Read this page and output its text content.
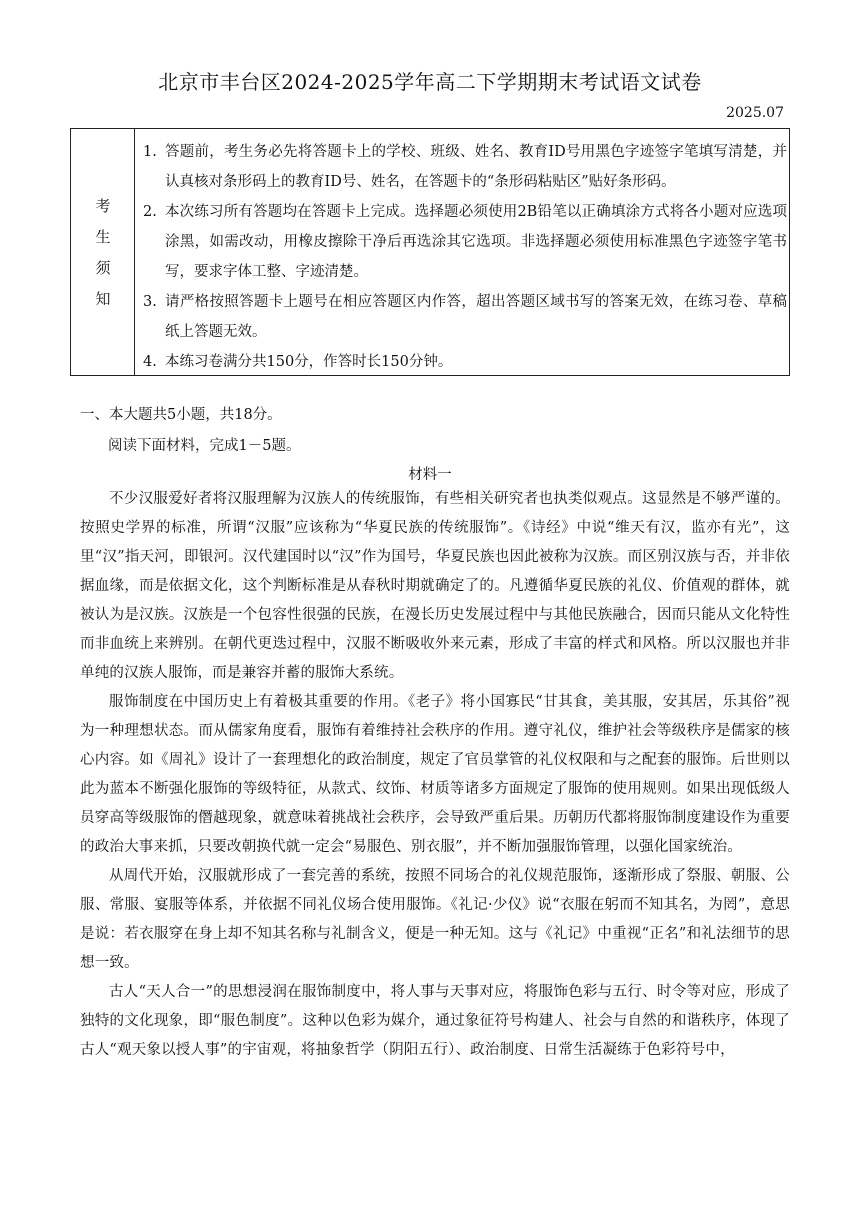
北京市丰台区2024-2025学年高二下学期期末考试语文试卷
2025.07
考
生
须
知
1. 答题前，考生务必先将答题卡上的学校、班级、姓名、教育ID号用黑色字迹签字笔填写清楚，并认真核对条形码上的教育ID号、姓名，在答题卡的“条形码粘贴区”贴好条形码。
2. 本次练习所有答题均在答题卡上完成。选择题必须使用2B铅笔以正确填涂方式将各小题对应选项涂黑，如需改动，用橡皮擦除干净后再选涂其它选项。非选择题必须使用标准黑色字迹签字笔书写，要求字体工整、字迹清楚。
3. 请严格按照答题卡上题号在相应答题区内作答，超出答题区域书写的答案无效，在练习卷、草稿纸上答题无效。
4. 本练习卷满分共150分，作答时长150分钟。
一、本大题共5小题，共18分。
阅读下面材料，完成1－5题。
材料一

不少汉服爱好者将汉服理解为汉族人的传统服饰，有些相关研究者也执类似观点。这显然是不够严谨的。按照史学界的标准，所谓“汉服”应该称为“华夏民族的传统服饰”。《诗经》中说“维天有汉，监亦有光”，这里“汉”指天河，即银河。汉代建国时以“汉”作为国号，华夏民族也因此被称为汉族。而区别汉族与否，并非依据血缘，而是依据文化，这个判断标准是从春秋时期就确定了的。凡遵循华夏民族的礼仪、价值观的群体，就被认为是汉族。汉族是一个包容性很强的民族，在漫长历史发展过程中与其他民族融合，因而只能从文化特性而非血统上来辨别。在朝代更迭过程中，汉服不断吸收外来元素，形成了丰富的样式和风格。所以汉服也并非单纯的汉族人服饰，而是兼容并蓄的服饰大系统。

服饰制度在中国历史上有着极其重要的作用。《老子》将小国寡民“甘其食，美其服，安其居，乐其俗”视为一种理想状态。而从儒家角度看，服饰有着维持社会秩序的作用。遵守礼仪，维护社会等级秩序是儒家的核心内容。如《周礼》设计了一套理想化的政治制度，规定了官员掌管的礼仪权限和与之配套的服饰。后世则以此为蓝本不断强化服饰的等级特征，从款式、纹饰、材质等诸多方面规定了服饰的使用规则。如果出现低级人员穿高等级服饰的僭越现象，就意味着挑战社会秩序，会导致严重后果。历朝历代都将服饰制度建设作为重要的政治大事来抓，只要改朝换代就一定会“易服色、别衣服”，并不断加强服饰管理，以强化国家统治。

从周代开始，汉服就形成了一套完善的系统，按照不同场合的礼仪规范服饰，逐渐形成了祭服、朝服、公服、常服、宴服等体系，并依据不同礼仪场合使用服饰。《礼记·少仪》说“衣服在躬而不知其名，为罔”，意思是说：若衣服穿在身上却不知其名称与礼制含义，便是一种无知。这与《礼记》中重视“正名”和礼法细节的思想一致。

古人“天人合一”的思想浸润在服饰制度中，将人事与天事对应，将服饰色彩与五行、时令等对应，形成了独特的文化现象，即“服色制度”。这种以色彩为媒介，通过象征符号构建人、社会与自然的和谐秩序，体现了古人“观天象以授人事”的宇宙观，将抽象哲学（阴阳五行）、政治制度、日常生活凝练于色彩符号中，
